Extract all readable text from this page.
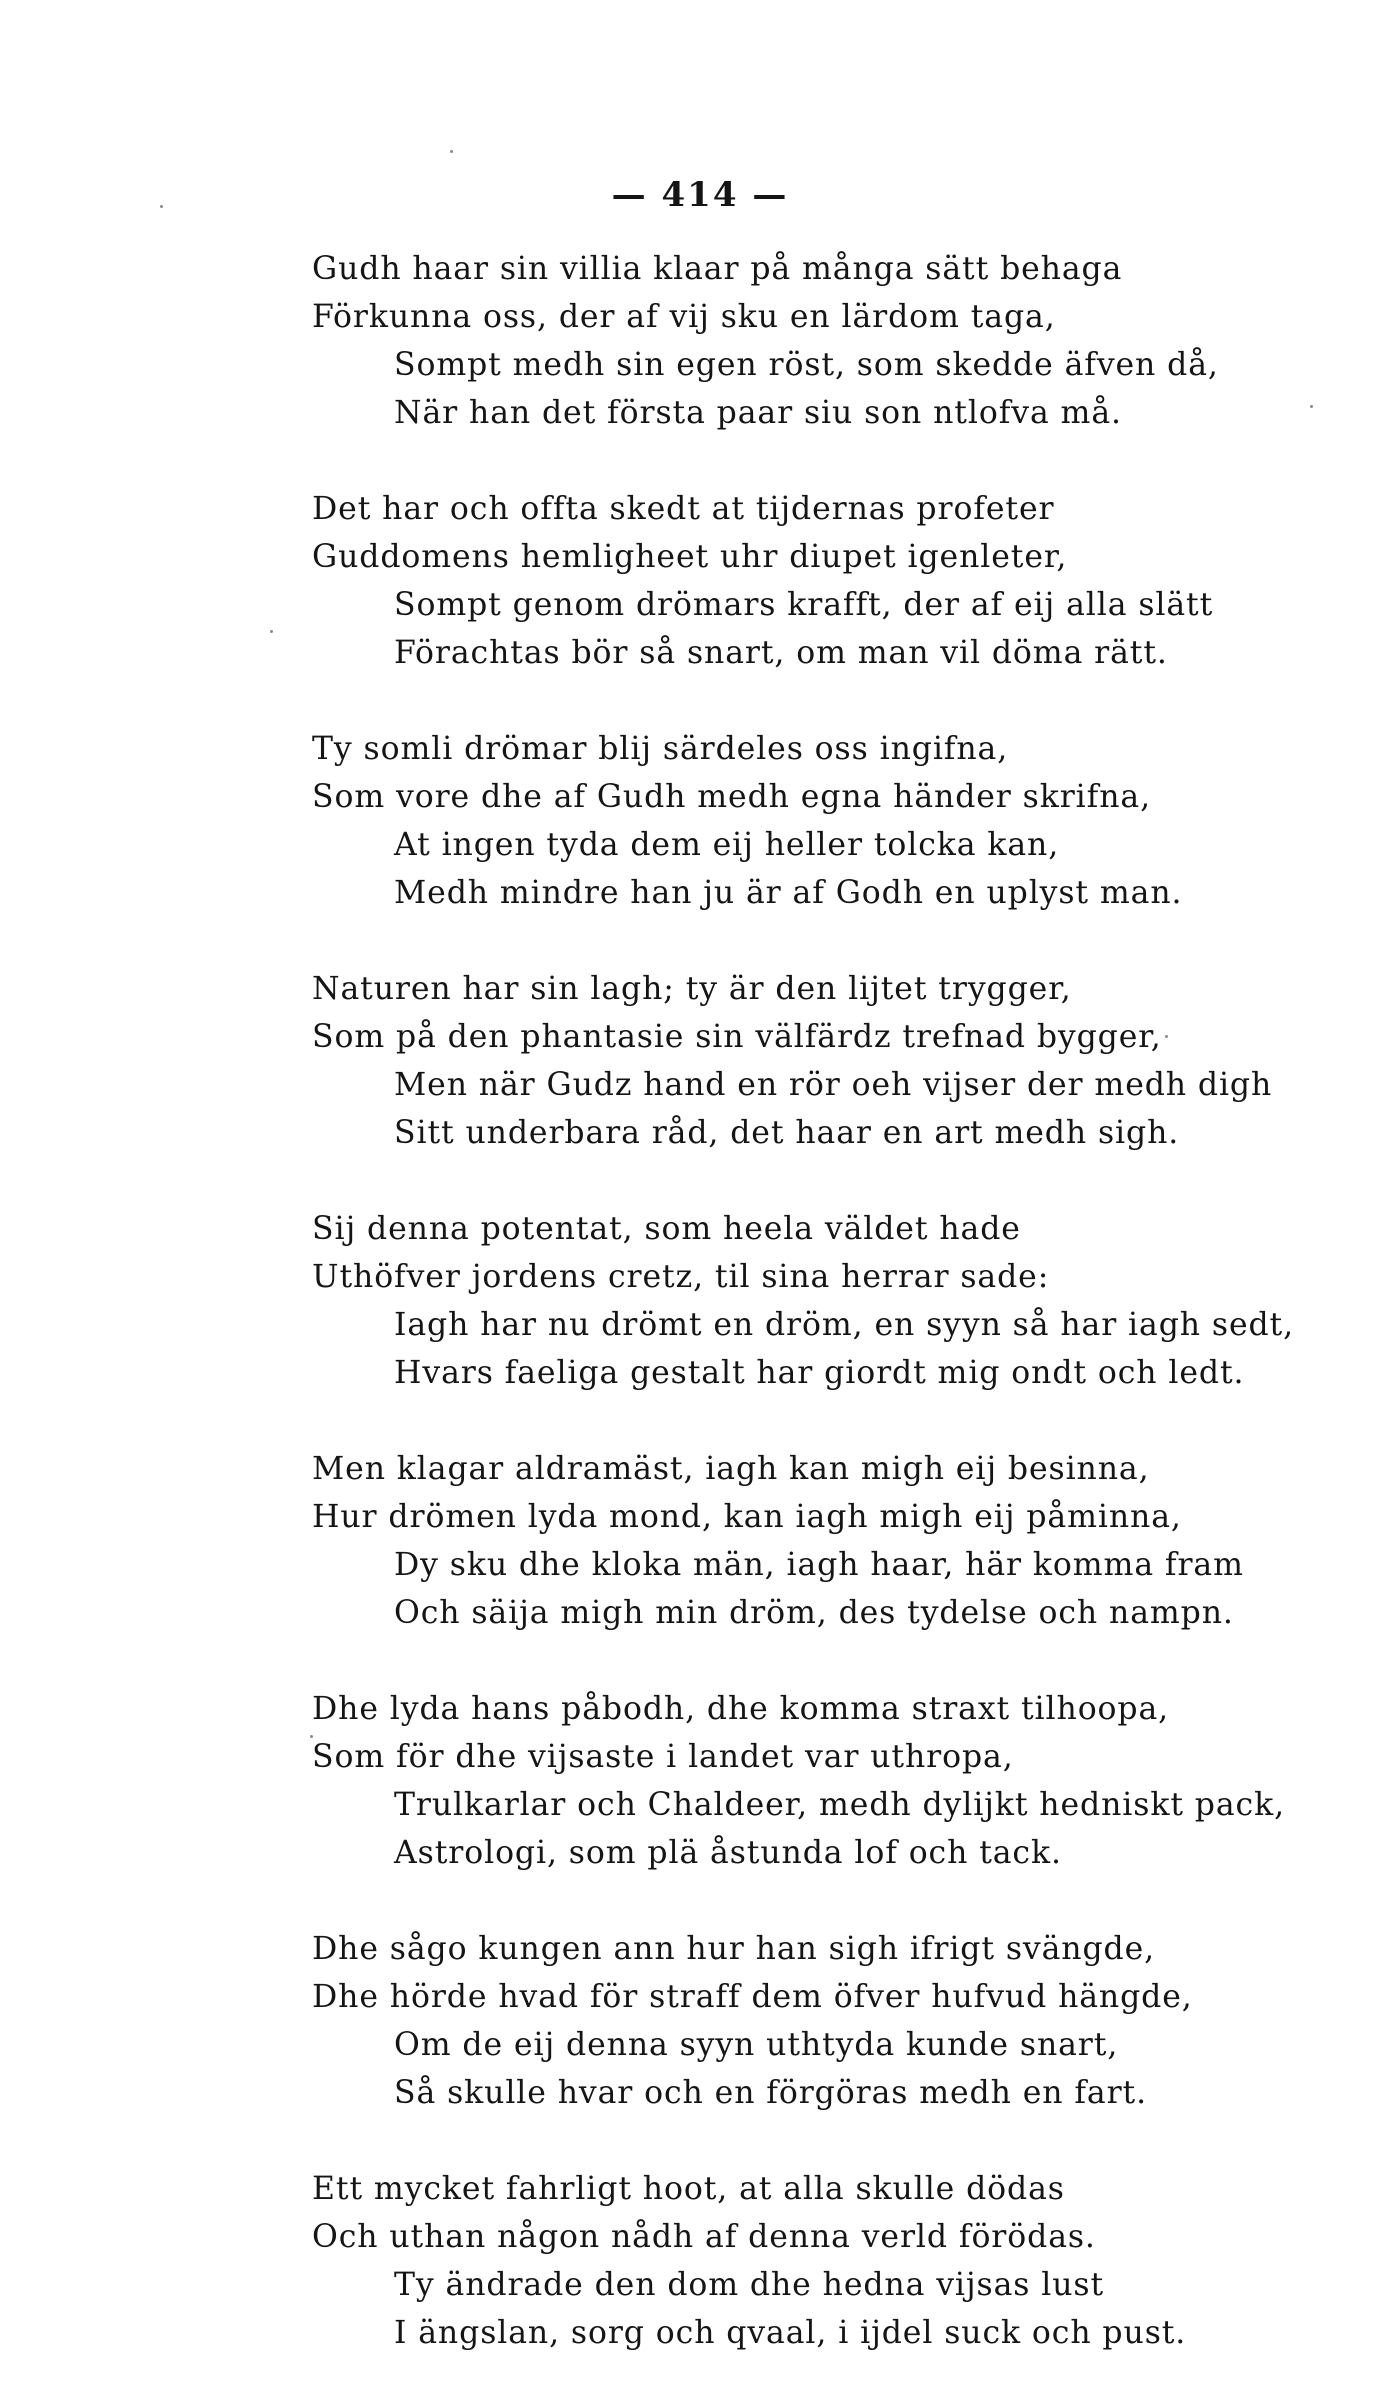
— 414 —
Gudh haar sin villia klaar på många sätt behaga
Förkunna oss, der af vij sku en lärdom taga,
Sompt medh sin egen röst, som skedde äfven då,
När han det första paar siu son ntlofva må.
Det har och offta skedt at tijdernas profeter
Guddomens hemligheet uhr diupet igenleter,
Sompt genom drömars krafft, der af eij alla slätt
Förachtas bör så snart, om man vil döma rätt.
Ty somli drömar blij särdeles oss ingifna,
Som vore dhe af Gudh medh egna händer skrifna,
At ingen tyda dem eij heller tolcka kan,
Medh mindre han ju är af Godh en uplyst man.
Naturen har sin lagh; ty är den lijtet trygger,
Som på den phantasie sin välfärdz trefnad bygger,
Men när Gudz hand en rör oeh vijser der medh digh
Sitt underbara råd, det haar en art medh sigh.
Sij denna potentat, som heela väldet hade
Uthöfver jordens cretz, til sina herrar sade:
Iagh har nu drömt en dröm, en syyn så har iagh sedt,
Hvars faeliga gestalt har giordt mig ondt och ledt.
Men klagar aldramäst, iagh kan migh eij besinna,
Hur drömen lyda mond, kan iagh migh eij påminna,
Dy sku dhe kloka män, iagh haar, här komma fram
Och säija migh min dröm, des tydelse och nampn.
Dhe lyda hans påbodh, dhe komma straxt tilhoopa,
Som för dhe vijsaste i landet var uthropa,
Trulkarlar och Chaldeer, medh dylijkt hedniskt pack,
Astrologi, som plä åstunda lof och tack.
Dhe sågo kungen ann hur han sigh ifrigt svängde,
Dhe hörde hvad för straff dem öfver hufvud hängde,
Om de eij denna syyn uthtyda kunde snart,
Så skulle hvar och en förgöras medh en fart.
Ett mycket fahrligt hoot, at alla skulle dödas
Och uthan någon nådh af denna verld förödas.
Ty ändrade den dom dhe hedna vijsas lust
I ängslan, sorg och qvaal, i ijdel suck och pust.
